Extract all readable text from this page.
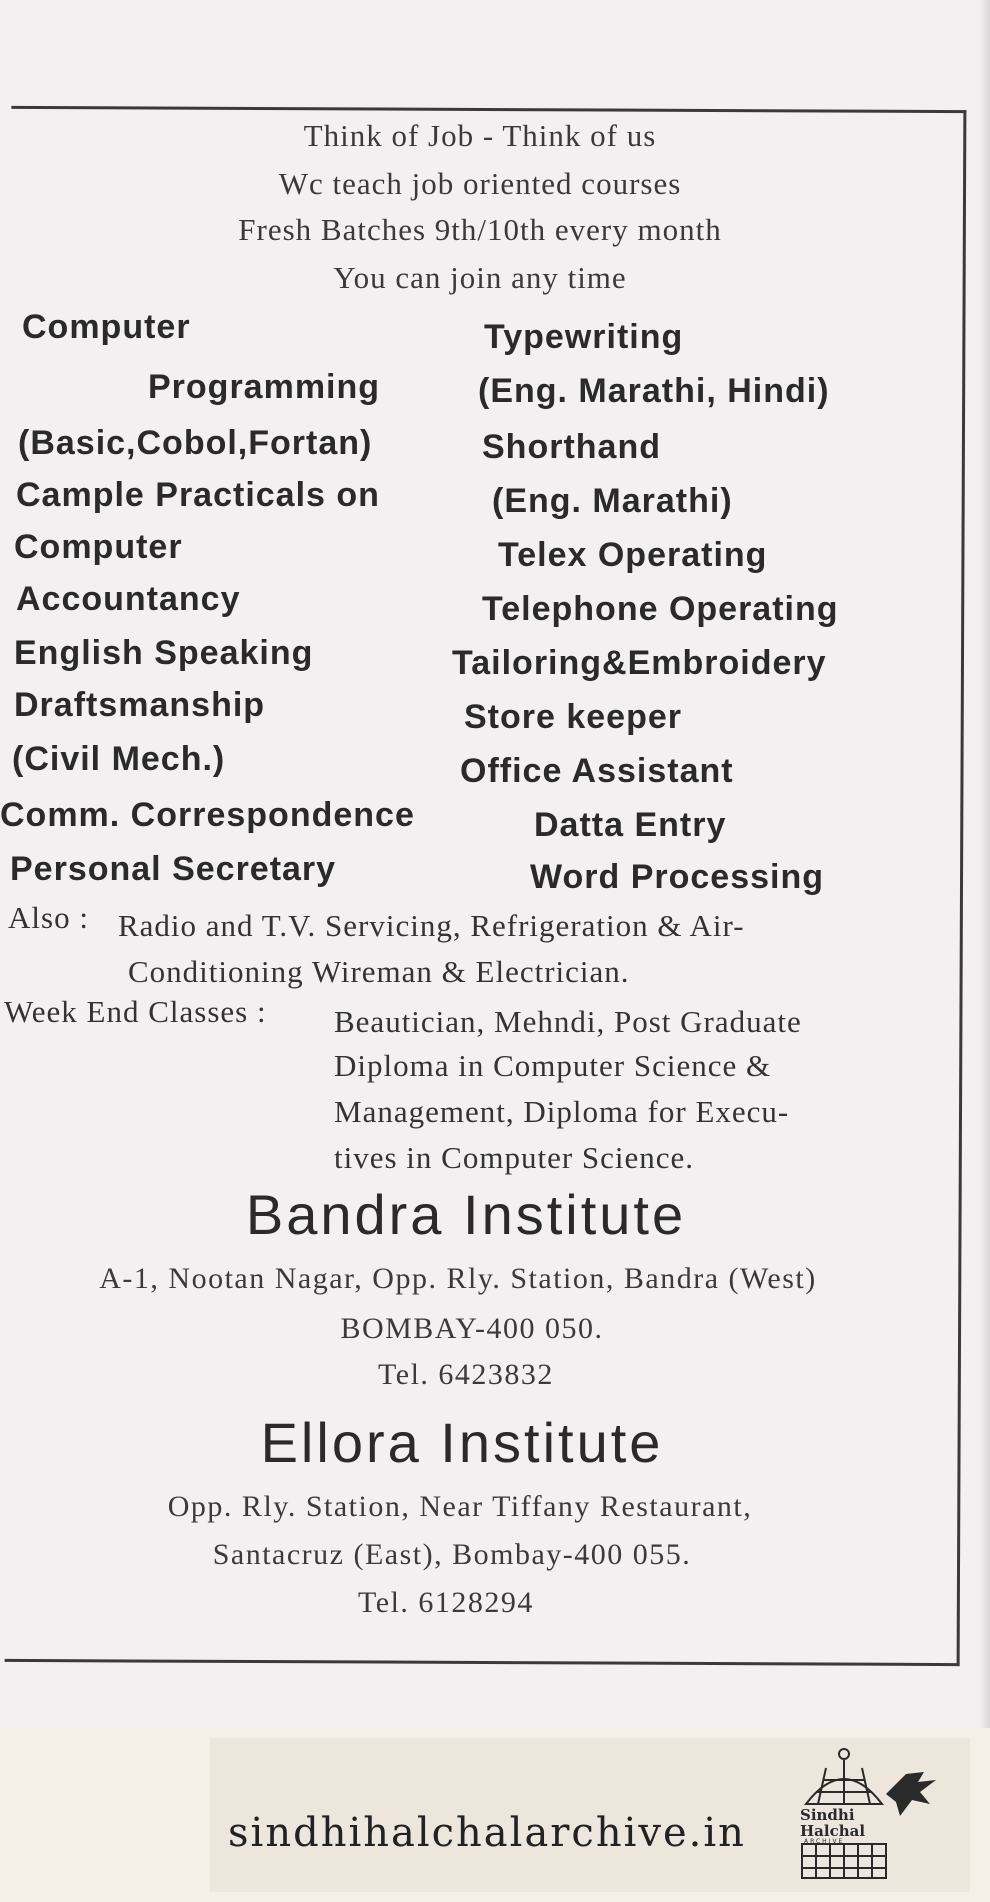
Think of Job - Think of us
Wc teach job oriented courses
Fresh Batches 9th/10th every month
You can join any time
Computer
Programming
(Basic,Cobol,Fortan)
Cample Practicals on
Computer
Accountancy
English Speaking
Draftsmanship
(Civil Mech.)
Comm. Correspondence
Personal Secretary
Typewriting
(Eng. Marathi, Hindi)
Shorthand
(Eng. Marathi)
Telex Operating
Telephone Operating
Tailoring&Embroidery
Store keeper
Office Assistant
Datta Entry
Word Processing
Also : Radio and T.V. Servicing, Refrigeration & Air-
Conditioning Wireman & Electrician.
Week End Classes : Beautician, Mehndi, Post Graduate
Diploma in Computer Science &
Management, Diploma for Execu-
tives in Computer Science.
Bandra Institute
A-1, Nootan Nagar, Opp. Rly. Station, Bandra (West)
BOMBAY-400 050.
Tel. 6423832
Ellora Institute
Opp. Rly. Station, Near Tiffany Restaurant,
Santacruz (East), Bombay-400 055.
Tel. 6128294
sindhihalchalarchive.in	Sindhi
Halchal
ARCHIVE
